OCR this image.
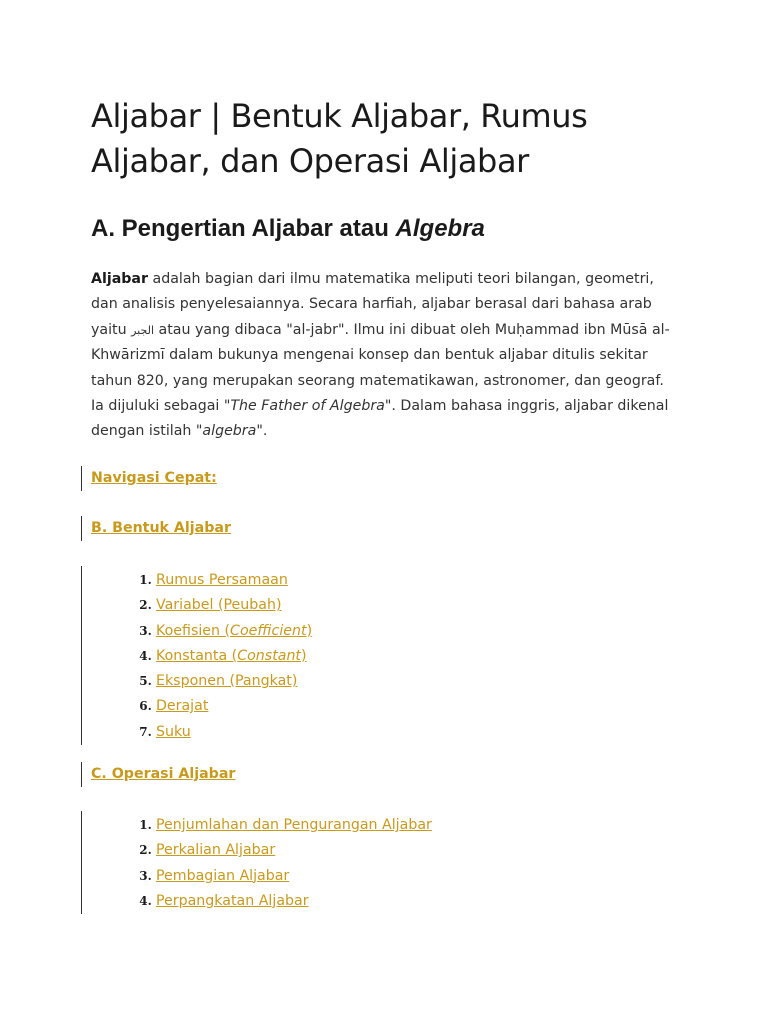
Aljabar | Bentuk Aljabar, Rumus Aljabar, dan Operasi Aljabar
A. Pengertian Aljabar atau Algebra

Aljabar adalah bagian dari ilmu matematika meliputi teori bilangan, geometri, dan analisis penyelesaiannya. Secara harfiah, aljabar berasal dari bahasa arab yaitu الجبر atau yang dibaca "al-jabr". Ilmu ini dibuat oleh Muḥammad ibn Mūsā al-Khwārizmī dalam bukunya mengenai konsep dan bentuk aljabar ditulis sekitar tahun 820, yang merupakan seorang matematikawan, astronomer, dan geograf. Ia dijuluki sebagai "The Father of Algebra". Dalam bahasa inggris, aljabar dikenal dengan istilah "algebra".

Navigasi Cepat:
B. Bentuk Aljabar
1. Rumus Persamaan
2. Variabel (Peubah)
3. Koefisien (Coefficient)
4. Konstanta (Constant)
5. Eksponen (Pangkat)
6. Derajat
7. Suku
C. Operasi Aljabar
1. Penjumlahan dan Pengurangan Aljabar
2. Perkalian Aljabar
3. Pembagian Aljabar
4. Perpangkatan Aljabar
